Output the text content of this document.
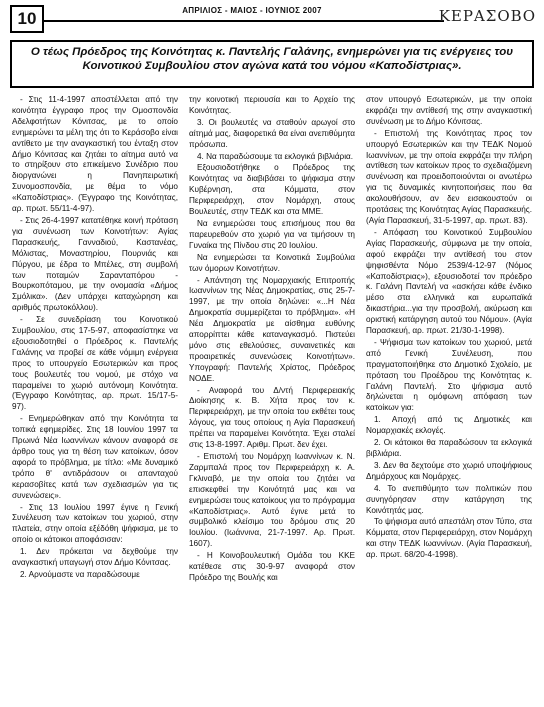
10	ΑΠΡΙΛΙΟΣ - ΜΑΙΟΣ - ΙΟΥΝΙΟΣ 2007	ΚΕΡΑΣΟΒΟ

Ο τέως Πρόεδρος της Κοινότητας κ. Παντελής Γαλάνης, ενημερώνει για τις ενέργειες του Κοινοτικού Συμβουλίου στον αγώνα κατά του νόμου «Καποδίστριας».

- Στις 11-4-1997 αποστέλλεται από την κοινότητα έγγραφο προς την Ομοσπονδία Αδελφοτήτων Κόνιτσας, με το οποίο ενημερώνει τα μέλη της ότι το Κεράσοβο είναι αντίθετο με την αναγκαστική του ένταξη στον Δήμο Κόνιτσας και ζητάει το αίτημα αυτό να το στηρίξουν στο επικείμενο Συνέδριο που διοργανώνει η Πανηπειρωτική Συνομοσπονδία, με θέμα το νόμο «Καποδίστριας». (Έγγραφο της Κοινότητας, αρ. πρωτ. 55/11-4-97).

- Στις 26-4-1997 κατατέθηκε κοινή πρόταση για συνένωση των Κοινοτήτων: Αγίας Παρασκευής, Γανναδιού, Καστανέας, Μόλιστας, Μοναστηρίου, Πουρνιάς και Πύργου, με έδρα το Μπέλες, στη συμβολή των ποταμών Σαρανταπόρου - Βουρκοπόταμου, με την ονομασία «Δήμος Σμόλικα». (Δεν υπάρχει καταχώρηση και αριθμός πρωτοκόλλου).

- Σε συνεδρίαση του Κοινοτικού Συμβουλίου, στις 17-5-97, αποφασίστηκε να εξουσιοδοτηθεί ο Πρόεδρος κ. Παντελής Γαλάνης να προβεί σε κάθε νόμιμη ενέργεια προς το υπουργείο Εσωτερικών και προς τους βουλευτές του νομού, με στόχο να παραμείνει το χωριό αυτόνομη Κοινότητα. (Έγγραφο Κοινότητας, αρ. πρωτ. 15/17-5-97).

- Ενημερώθηκαν από την Κοινότητα τα τοπικά εφημερίδες. Στις 18 Ιουνίου 1997 τα Πρωινά Νέα Ιωαννίνων κάνουν αναφορά σε άρθρο τους για τη θέση των κατοίκων, όσον αφορά το πρόβλημα, με τίτλο: «Με δυναμικό τρόπο θ' αντιδράσουν οι απανταχού κερασοβίτες κατά των σχεδιασμών για τις συνενώσεις».

- Στις 13 Ιουλίου 1997 έγινε η Γενική Συνέλευση των κατοίκων του χωριού, στην πλατεία, στην οποία εξέδόθη ψήφισμα, με το οποίο οι κάτοικοι αποφάσισαν:

1. Δεν πρόκειται να δεχθούμε την αναγκαστική υπαγωγή στον Δήμο Κόνιτσας.

2. Αρνούμαστε να παραδώσουμε

την κοινοτική περιουσία και το Αρχείο της Κοινότητας.

3. Οι βουλευτές να σταθούν αρωγοί στο αίτημά μας, διαφορετικά θα είναι ανεπιθύμητα πρόσωπα.

4. Να παραδώσουμε τα εκλογικά βιβλιάρια.

Εξουσιοδοτήθηκε ο Πρόεδρος της Κοινότητας να διαβιβάσει το ψήφισμα στην Κυβέρνηση, στα Κόμματα, στον Περιφερειάρχη, στον Νομάρχη, στους Βουλευτές, στην ΤΕΔΚ και στα ΜΜΕ.

Να ενημερώσει τους επισήμους που θα παρευρεθούν στο χωριό για να τιμήσουν τη Γυναίκα της Πίνδου στις 20 Ιουλίου.

Να ενημερώσει τα Κοινοτικά Συμβούλια των όμορων Κοινοτήτων.

- Απάντηση της Νομαρχιακής Επιτροπής Ιωαννίνων της Νέας Δημοκρατίας, στις 25-7-1997, με την οποία δηλώνει: «...Η Νέα Δημοκρατία συμμερίζεται το πρόβλημα». «Η Νέα Δημοκρατία με αίσθημα ευθύνης απορρίπτει κάθε καταναγκασμό. Πιστεύει μόνο στις εθελούσιες, συναινετικές και προαιρετικές συνενώσεις Κοινοτήτων». Υπογραφή: Παντελής Χρίστος, Πρόεδρος ΝΟΔΕ.

- Αναφορά του Δ/ντή Περιφερειακής Διοίκησης κ. Β. Χήτα προς τον κ. Περιφερειάρχη, με την οποία του εκθέτει τους λόγους, για τους οποίους η Αγία Παρασκευή πρέπει να παραμείνει Κοινότητα. Έχει σταλεί στις 13-8-1997. Αριθμ. Πρωτ. δεν έχει.

- Επιστολή του Νομάρχη Ιωαννίνων κ. Ν. Ζαρμπαλά προς τον Περιφερειάρχη κ. Α. Γκλιναβό, με την οποία του ζητάει να επισκεφθεί την Κοινότητά μας και να ενημερώσει τους κατοίκους για το πρόγραμμα «Καποδίστριας». Αυτό έγινε μετά το συμβολικό κλείσιμο του δρόμου στις 20 Ιουλίου. (Ιωάννινα, 21-7-1997. Αρ. Πρωτ. 1607).

- Η Κοινοβουλευτική Ομάδα του ΚΚΕ κατέθεσε στις 30-9-97 αναφορά στον Πρόεδρο της Βουλής και

στον υπουργό Εσωτερικών, με την οποία εκφράζει την αντίθεσή της στην αναγκαστική συνένωση με το Δήμο Κόνιτσας.

- Επιστολή της Κοινότητας προς τον υπουργό Εσωτερικών και την ΤΕΔΚ Νομού Ιωαννίνων, με την οποία εκφράζει την πλήρη αντίθεση των κατοίκων προς το σχεδιαζόμενη συνένωση και προειδοποιούνται οι ανωτέρω για τις δυναμικές κινητοποιήσεις που θα ακολουθήσουν, αν δεν εισακουστούν οι προτάσεις της Κοινότητας Αγίας Παρασκευής. (Αγία Παρασκευή, 31-5-1997, αρ. πρωτ. 83).

- Απόφαση του Κοινοτικού Συμβουλίου Αγίας Παρασκευής, σύμφωνα με την οποία, αφού εκφράζει την αντίθεσή του στον ψηφισθέντα Νόμο 2539/4-12-97 (Νόμος «Καποδίστριας»), εξουσιοδοτεί τον πρόεδρο κ. Γαλάνη Παντελή να «ασκήσει κάθε ένδικο μέσο στα ελληνικά και ευρωπαϊκά δικαστήρια...για την προσβολή, ακύρωση και οριστική κατάργηση αυτού του Νόμου». (Αγία Παρασκευή, αρ. πρωτ. 21/30-1-1998).

- Ψήφισμα των κατοίκων του χωριού, μετά από Γενική Συνέλευση, που πραγματοποιήθηκε στο Δημοτικό Σχολείο, με πρόταση του Προέδρου της Κοινότητας κ. Γαλάνη Παντελή. Στο ψήφισμα αυτό δηλώνεται η ομόφωνη απόφαση των κατοίκων για:

1. Αποχή από τις Δημοτικές και Νομαρχιακές εκλογές.

2. Οι κάτοικοι θα παραδώσουν τα εκλογικά βιβλιάρια.

3. Δεν θα δεχτούμε στο χωριό υποψήφιους Δημάρχους και Νομάρχες.

4. Το ανεπιθύμητο των πολιτικών που συνηγόρησαν στην κατάργηση της Κοινότητάς μας.

Το ψήφισμα αυτό απεστάλη στον Τύπο, στα Κόμματα, στον Περιφερειάρχη, στον Νομάρχη και στην ΤΕΔΚ Ιωαννίνων. (Αγία Παρασκευή, αρ. πρωτ. 68/20-4-1998).
